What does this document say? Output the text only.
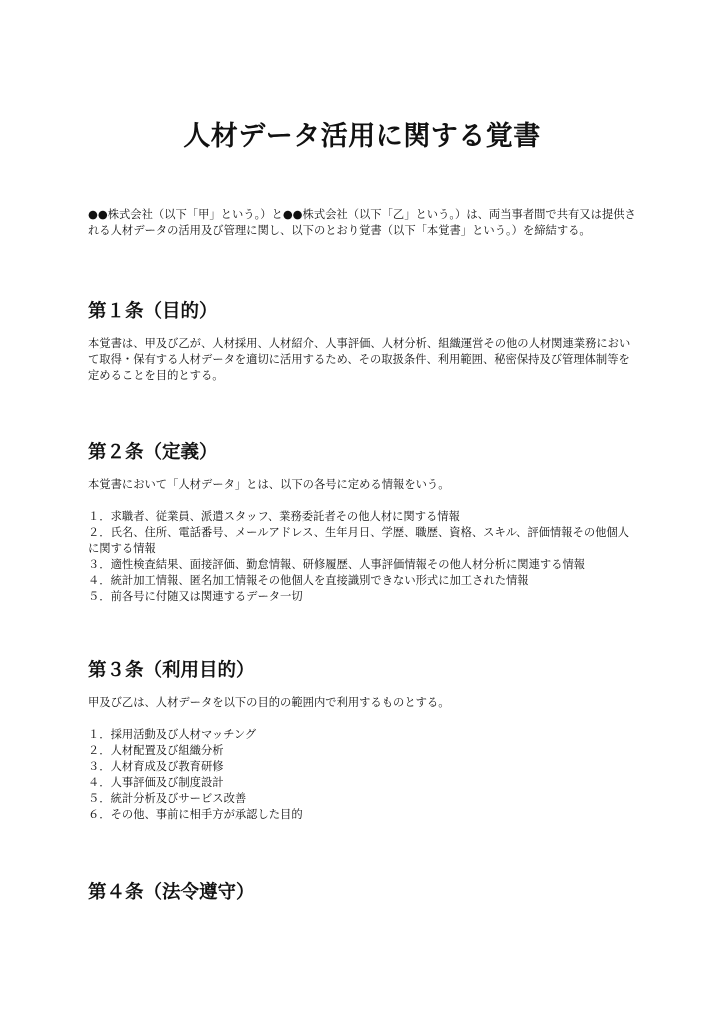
人材データ活用に関する覚書
●●株式会社（以下「甲」という。）と●●株式会社（以下「乙」という。）は、両当事者間で共有又は提供される人材データの活用及び管理に関し、以下のとおり覚書（以下「本覚書」という。）を締結する。
第１条（目的）
本覚書は、甲及び乙が、人材採用、人材紹介、人事評価、人材分析、組織運営その他の人材関連業務において取得・保有する人材データを適切に活用するため、その取扱条件、利用範囲、秘密保持及び管理体制等を定めることを目的とする。
第２条（定義）
本覚書において「人材データ」とは、以下の各号に定める情報をいう。
１．求職者、従業員、派遣スタッフ、業務委託者その他人材に関する情報
２．氏名、住所、電話番号、メールアドレス、生年月日、学歴、職歴、資格、スキル、評価情報その他個人に関する情報
３．適性検査結果、面接評価、勤怠情報、研修履歴、人事評価情報その他人材分析に関連する情報
４．統計加工情報、匿名加工情報その他個人を直接識別できない形式に加工された情報
５．前各号に付随又は関連するデータ一切
第３条（利用目的）
甲及び乙は、人材データを以下の目的の範囲内で利用するものとする。
１．採用活動及び人材マッチング
２．人材配置及び組織分析
３．人材育成及び教育研修
４．人事評価及び制度設計
５．統計分析及びサービス改善
６．その他、事前に相手方が承認した目的
第４条（法令遵守）
